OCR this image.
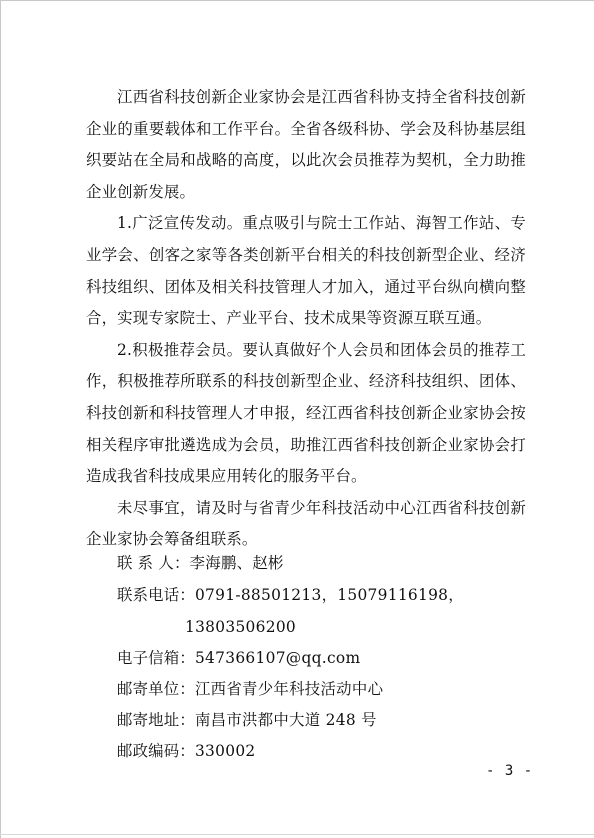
江西省科技创新企业家协会是江西省科协支持全省科技创新企业的重要载体和工作平台。全省各级科协、学会及科协基层组织要站在全局和战略的高度，以此次会员推荐为契机，全力助推企业创新发展。

1.广泛宣传发动。重点吸引与院士工作站、海智工作站、专业学会、创客之家等各类创新平台相关的科技创新型企业、经济科技组织、团体及相关科技管理人才加入，通过平台纵向横向整合，实现专家院士、产业平台、技术成果等资源互联互通。

2.积极推荐会员。要认真做好个人会员和团体会员的推荐工作，积极推荐所联系的科技创新型企业、经济科技组织、团体、科技创新和科技管理人才申报，经江西省科技创新企业家协会按相关程序审批遴选成为会员，助推江西省科技创新企业家协会打造成我省科技成果应用转化的服务平台。

未尽事宜，请及时与省青少年科技活动中心江西省科技创新企业家协会筹备组联系。

联 系 人：李海鹏、赵彬
联系电话：0791-88501213，15079116198，
13803506200
电子信箱：547366107@qq.com
邮寄单位：江西省青少年科技活动中心
邮寄地址：南昌市洪都中大道 248 号
邮政编码：330002
- 3 -
